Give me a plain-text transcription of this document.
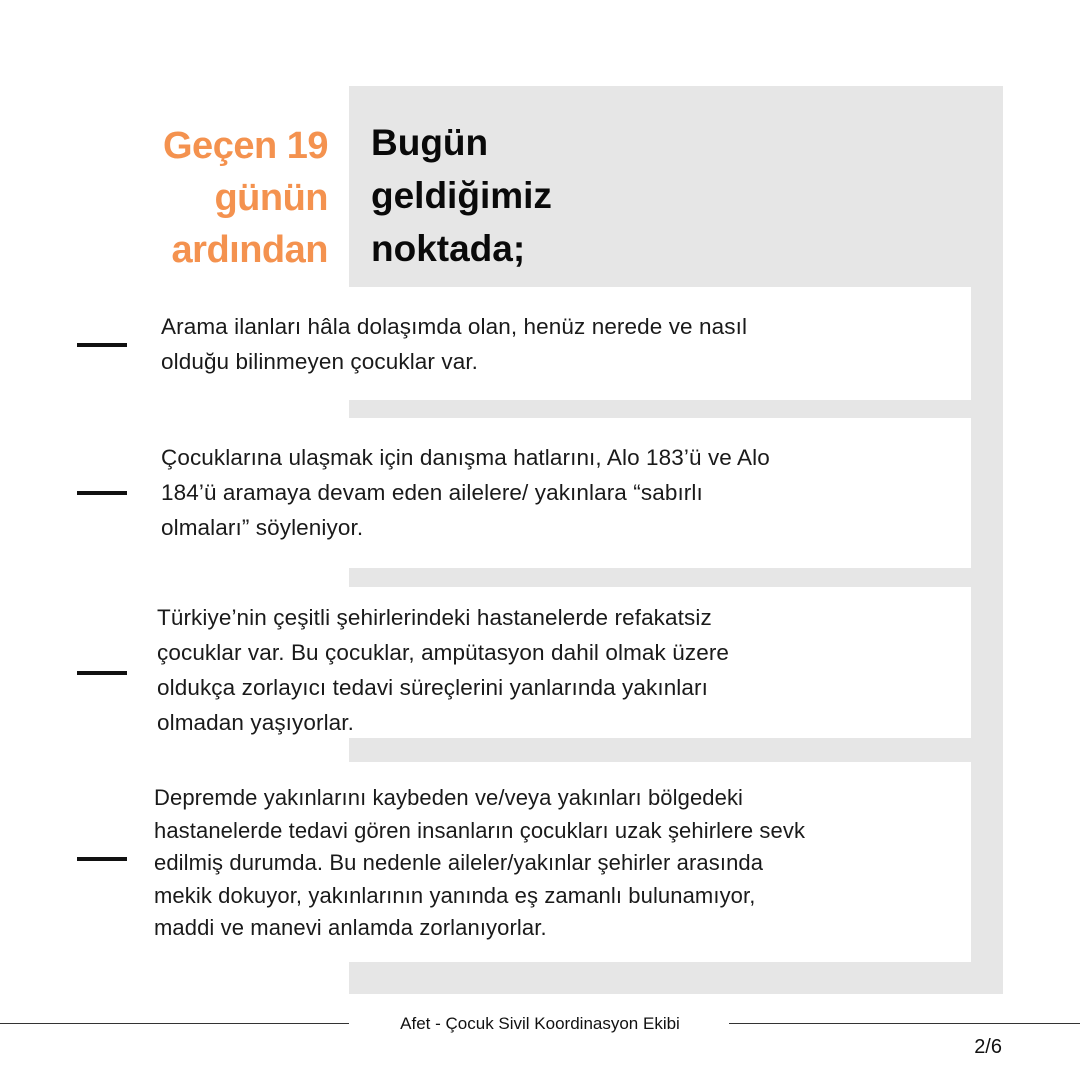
Geçen 19
günün
ardından
Bugün
geldiğimiz
noktada;
Arama ilanları hâla dolaşımda olan, henüz nerede ve nasıl
olduğu bilinmeyen çocuklar var.
Çocuklarına ulaşmak için danışma hatlarını, Alo 183’ü ve Alo
184’ü aramaya devam eden ailelere/ yakınlara “sabırlı
olmaları” söyleniyor.
Türkiye’nin çeşitli şehirlerindeki hastanelerde refakatsiz
çocuklar var. Bu çocuklar, ampütasyon dahil olmak üzere
oldukça zorlayıcı tedavi süreçlerini yanlarında yakınları
olmadan yaşıyorlar.
Depremde yakınlarını kaybeden ve/veya yakınları bölgedeki
hastanelerde tedavi gören insanların çocukları uzak şehirlere sevk
edilmiş durumda. Bu nedenle aileler/yakınlar şehirler arasında
mekik dokuyor, yakınlarının yanında eş zamanlı bulunamıyor,
maddi ve manevi anlamda zorlanıyorlar.
Afet - Çocuk Sivil Koordinasyon Ekibi
2/6
